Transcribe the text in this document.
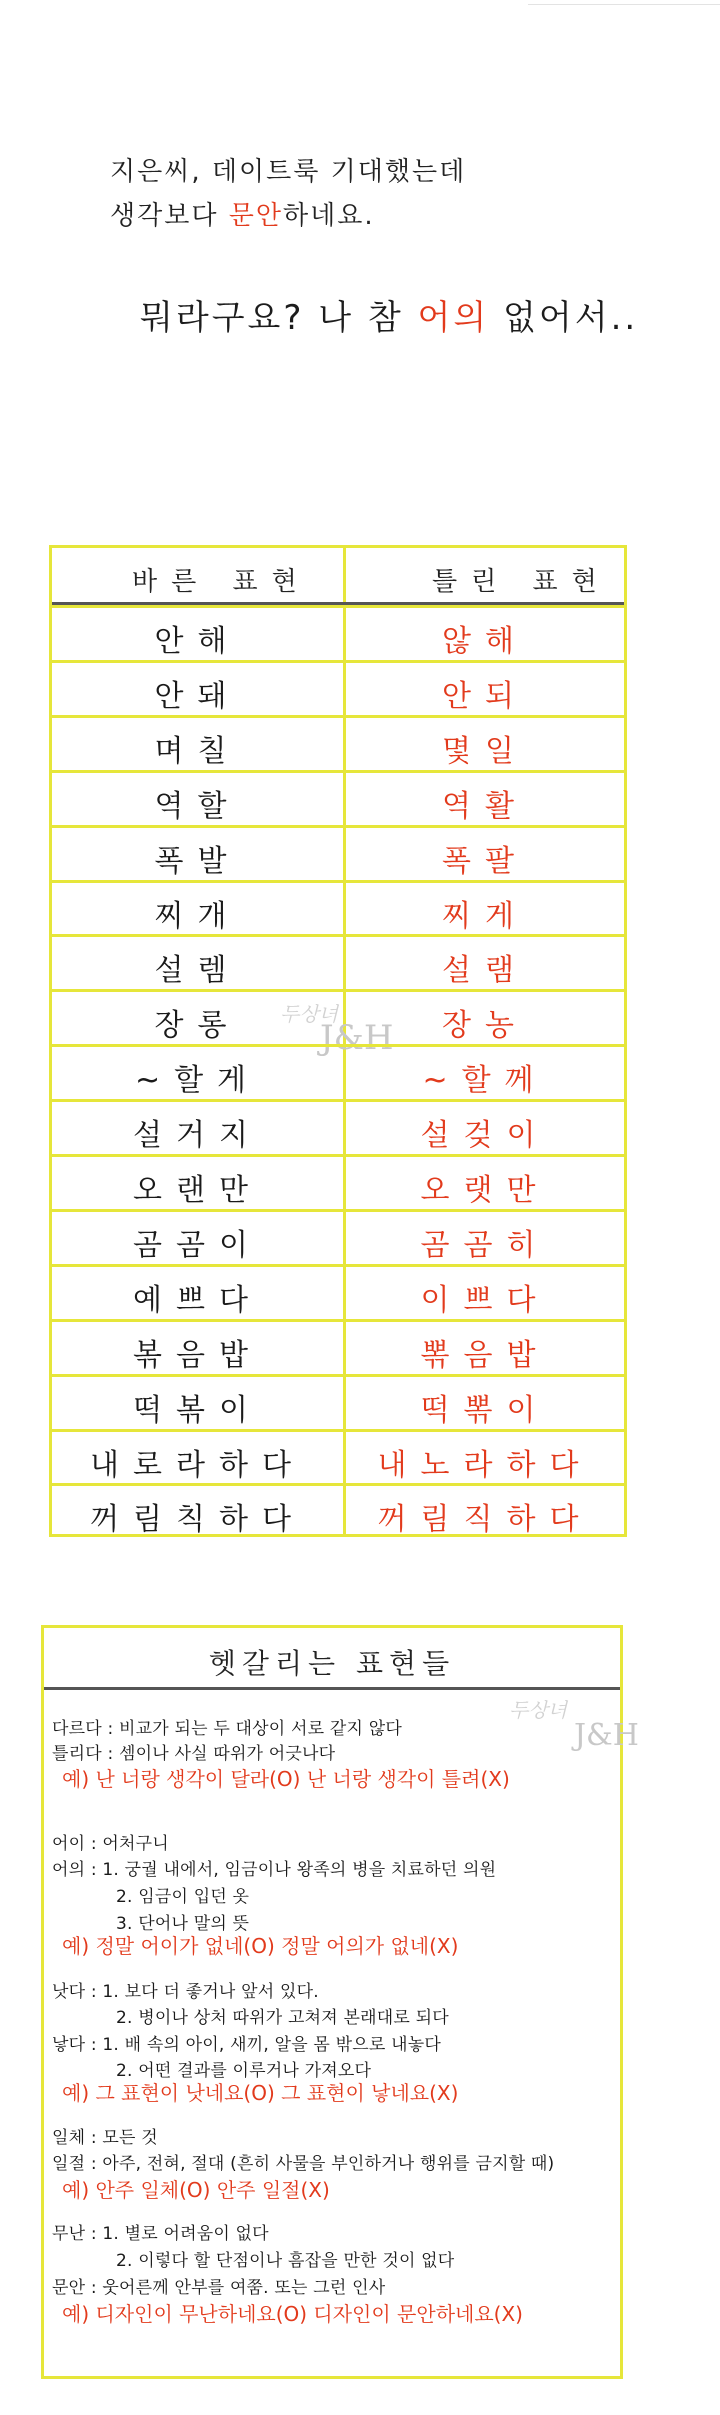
지은씨, 데이트룩 기대했는데
생각보다 문안하네요.
뭐라구요? 나 참 어의 없어서..
바른 표현	틀린 표현
두상녀
J&H
안해	않해
안돼	안되
며칠	몇일
역할	역활
폭발	폭팔
찌개	찌게
설렘	설램
장롱	장농
~할게	~할께
설거지	설겆이
오랜만	오랫만
곰곰이	곰곰히
예쁘다	이쁘다
볶음밥	뽂음밥
떡볶이	떡뽂이
내로라하다	내노라하다
꺼림칙하다	꺼림직하다
헷갈리는 표현들
두상녀
J&H
다르다 : 비교가 되는 두 대상이 서로 같지 않다
틀리다 : 셈이나 사실 따위가 어긋나다
어이 : 어처구니
어의 : 1. 궁궐 내에서, 임금이나 왕족의 병을 치료하던 의원
2. 임금이 입던 옷
3. 단어나 말의 뜻
낫다 : 1. 보다 더 좋거나 앞서 있다.
2. 병이나 상처 따위가 고쳐져 본래대로 되다
낳다 : 1. 배 속의 아이, 새끼, 알을 몸 밖으로 내놓다
2. 어떤 결과를 이루거나 가져오다
일체 : 모든 것
일절 : 아주, 전혀, 절대 (흔히 사물을 부인하거나 행위를 금지할 때)
무난 : 1. 별로 어려움이 없다
2. 이렇다 할 단점이나 흠잡을 만한 것이 없다
문안 : 웃어른께 안부를 여쭘. 또는 그런 인사
예) 난 너랑 생각이 달라(O) 난 너랑 생각이 틀려(X)
예) 정말 어이가 없네(O) 정말 어의가 없네(X)
예) 그 표현이 낫네요(O) 그 표현이 낳네요(X)
예) 안주 일체(O) 안주 일절(X)
예) 디자인이 무난하네요(O) 디자인이 문안하네요(X)
